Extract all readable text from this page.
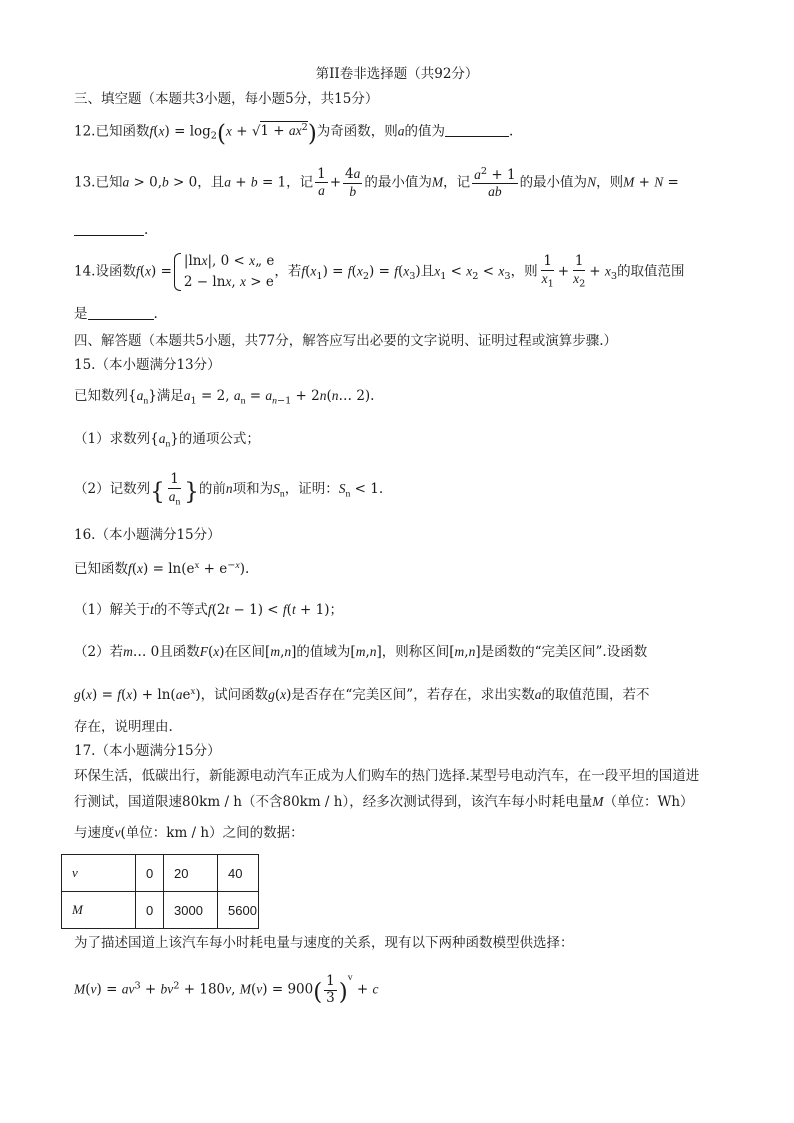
第II卷非选择题（共92分）
三、填空题（本题共3小题，每小题5分，共15分）
12.已知函数$f(x) = \log_2(x + √1 + ax^2)$为奇函数，则a的值为	.
13.已知a > 0,b > 0，且a + b = 1，记 $\frac{1}{a} + \frac{4a}{b}$ 的最小值为M，记 $\frac{a^2 + 1}{ab}$ 的最小值为N，则M + N =
.
14.设函数f(x) =
|lnx|, 0 < x„ e
2 − lnx, x > e
，若$f(x_1) = f(x_2) = f(x_3)$且$x_1 < x_2 < x_3$，则 $\frac{1}{x_1} + \frac{1}{x_2} + x_3$的取值范围
是	.
四、解答题（本题共5小题，共77分，解答应写出必要的文字说明、证明过程或演算步骤.）
15.（本小题满分13分）
已知数列$\{a_n\}$满足$a_1 = 2$, $a_n = a_{n-1}$ + 2n(n… 2).
（1）求数列$\{a_n\}$的通项公式；
（2）记数列{ $\frac{1}{a_n}$ }的前n项和为$S_n$，证明：$S_n < 1$.
16.（本小题满分15分）
已知函数$f(x) = \ln(e^x + e^{-x})$.
（1）解关于t的不等式f(2t − 1) < f(t + 1)；
（2）若m… 0且函数F(x)在区间[m,n]的值域为[m,n]，则称区间[m,n]是函数的“完美区间”.设函数
$g(x) = f(x) + \ln(ae^x)$，试问函数g(x)是否存在“完美区间”，若存在，求出实数a的取值范围，若不
存在，说明理由.
17.（本小题满分15分）
环保生活，低碳出行，新能源电动汽车正成为人们购车的热门选择.某型号电动汽车，在一段平坦的国道进
行测试，国道限速80km / h（不含80km / h），经多次测试得到，该汽车每小时耗电量M（单位：Wh）
与速度v(单位：km / h）之间的数据：
v	0	20	40
M	0	3000	5600
为了描述国道上该汽车每小时耗电量与速度的关系，现有以下两种函数模型供选择：
$M(v) = av^3 + bv^2 + 180v$, $M(v) = 900( \frac{1}{3} )^v + c$
